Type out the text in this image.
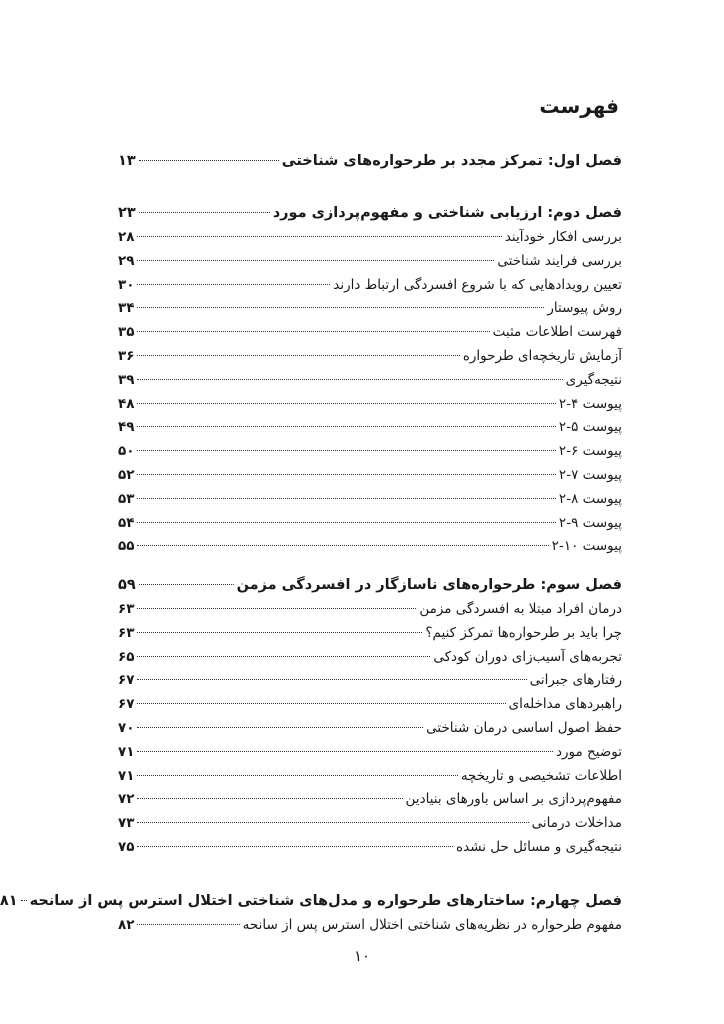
فهرست
فصل اول: تمرکز مجدد بر طرحواره‌های شناختی
۱۳
فصل دوم: ارزیابی شناختی و مفهوم‌پردازی مورد
۲۳
بررسی افکار خودآیند
۲۸
بررسی فرایند شناختی
۲۹
تعیین رویدادهایی که با شروع افسردگی ارتباط دارند
۳۰
روش پیوستار
۳۴
فهرست اطلاعات مثبت
۳۵
آزمایش تاریخچه‌ای طرحواره
۳۶
نتیجه‌گیری
۳۹
پیوست ۴-۲
۴۸
پیوست ۵-۲
۴۹
پیوست ۶-۲
۵۰
پیوست ۷-۲
۵۲
پیوست ۸-۲
۵۳
پیوست ۹-۲
۵۴
پیوست ۱۰-۲
۵۵
فصل سوم: طرحواره‌های ناسازگار در افسردگی مزمن
۵۹
درمان افراد مبتلا به افسردگی مزمن
۶۳
چرا باید بر طرحواره‌ها تمرکز کنیم؟
۶۳
تجربه‌های آسیب‌زای دوران کودکی
۶۵
رفتارهای جبرانی
۶۷
راهبردهای مداخله‌ای
۶۷
حفظ اصول اساسی درمان شناختی
۷۰
توضیح مورد
۷۱
اطلاعات تشخیصی و تاریخچه
۷۱
مفهوم‌پردازی بر اساس باورهای بنیادین
۷۲
مداخلات درمانی
۷۳
نتیجه‌گیری و مسائل حل نشده
۷۵
فصل چهارم: ساختارهای طرحواره و مدل‌های شناختی اختلال استرس پس از سانحه
۸۱
مفهوم طرحواره در نظریه‌های شناختی اختلال استرس پس از سانحه
۸۲
۱۰
